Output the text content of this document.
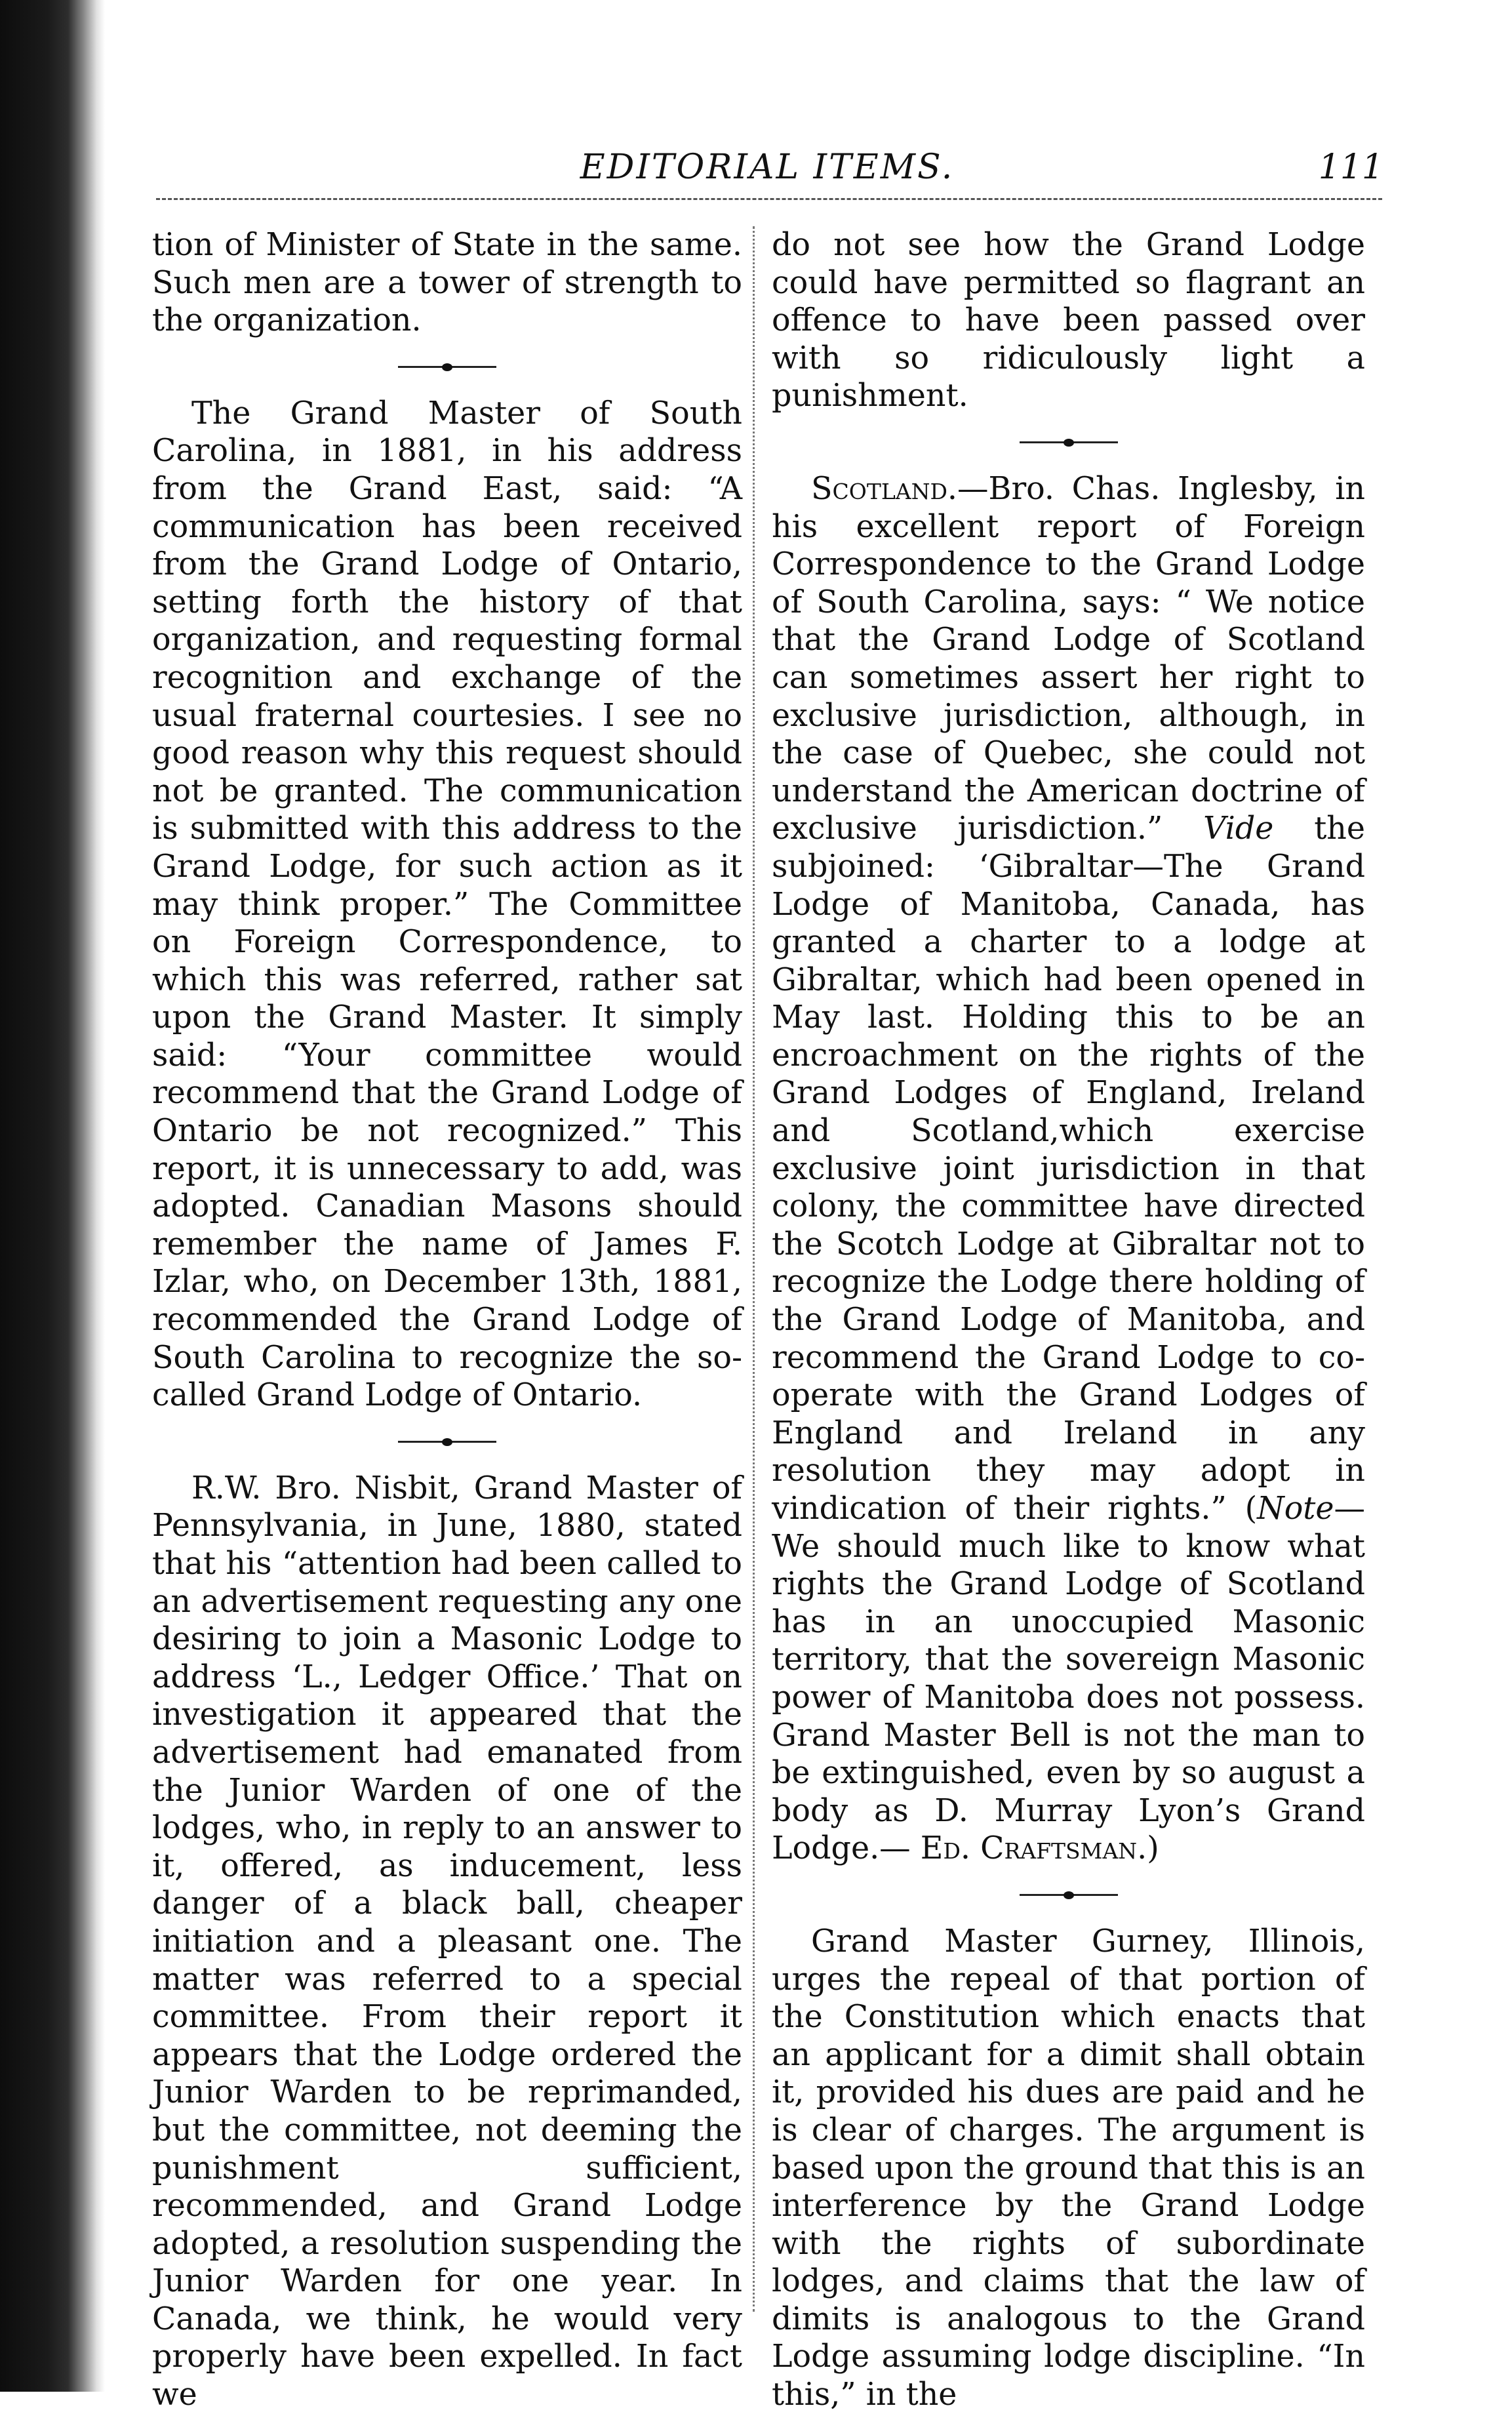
EDITORIAL ITEMS.	111

tion of Minister of State in the same. Such men are a tower of strength to the organization.

The Grand Master of South Carolina, in 1881, in his address from the Grand East, said: “A communication has been received from the Grand Lodge of Ontario, setting forth the history of that organization, and requesting formal recognition and exchange of the usual fraternal courtesies. I see no good reason why this request should not be granted. The communication is submitted with this address to the Grand Lodge, for such action as it may think proper.” The Committee on Foreign Correspondence, to which this was referred, rather sat upon the Grand Master. It simply said: “Your committee would recommend that the Grand Lodge of Ontario be not recognized.” This report, it is unnecessary to add, was adopted. Canadian Masons should remember the name of James F. Izlar, who, on December 13th, 1881, recommended the Grand Lodge of South Carolina to recognize the so-called Grand Lodge of Ontario.

R.W. Bro. Nisbit, Grand Master of Pennsylvania, in June, 1880, stated that his “attention had been called to an advertisement requesting any one desiring to join a Masonic Lodge to address ‘L., Ledger Office.’ That on investigation it appeared that the advertisement had emanated from the Junior Warden of one of the lodges, who, in reply to an answer to it, offered, as inducement, less danger of a black ball, cheaper initiation and a pleasant one. The matter was referred to a special committee. From their report it appears that the Lodge ordered the Junior Warden to be reprimanded, but the committee, not deeming the punishment sufficient, recommended, and Grand Lodge adopted, a resolution suspending the Junior Warden for one year. In Canada, we think, he would very properly have been expelled. In fact we

do not see how the Grand Lodge could have permitted so flagrant an offence to have been passed over with so ridiculously light a punishment.

Scotland.—Bro. Chas. Inglesby, in his excellent report of Foreign Correspondence to the Grand Lodge of South Carolina, says: “ We notice that the Grand Lodge of Scotland can sometimes assert her right to exclusive jurisdiction, although, in the case of Quebec, she could not understand the American doctrine of exclusive jurisdiction.” Vide the subjoined: ‘Gibraltar—The Grand Lodge of Manitoba, Canada, has granted a charter to a lodge at Gibraltar, which had been opened in May last. Holding this to be an encroachment on the rights of the Grand Lodges of England, Ireland and Scotland,which exercise exclusive joint jurisdiction in that colony, the committee have directed the Scotch Lodge at Gibraltar not to recognize the Lodge there holding of the Grand Lodge of Manitoba, and recommend the Grand Lodge to co-operate with the Grand Lodges of England and Ireland in any resolution they may adopt in vindication of their rights.” (Note—We should much like to know what rights the Grand Lodge of Scotland has in an unoccupied Masonic territory, that the sovereign Masonic power of Manitoba does not possess. Grand Master Bell is not the man to be extinguished, even by so august a body as D. Murray Lyon’s Grand Lodge.— Ed. Craftsman.)

Grand Master Gurney, Illinois, urges the repeal of that portion of the Constitution which enacts that an applicant for a dimit shall obtain it, provided his dues are paid and he is clear of charges. The argument is based upon the ground that this is an interference by the Grand Lodge with the rights of subordinate lodges, and claims that the law of dimits is analogous to the Grand Lodge assuming lodge discipline. “In this,” in the
